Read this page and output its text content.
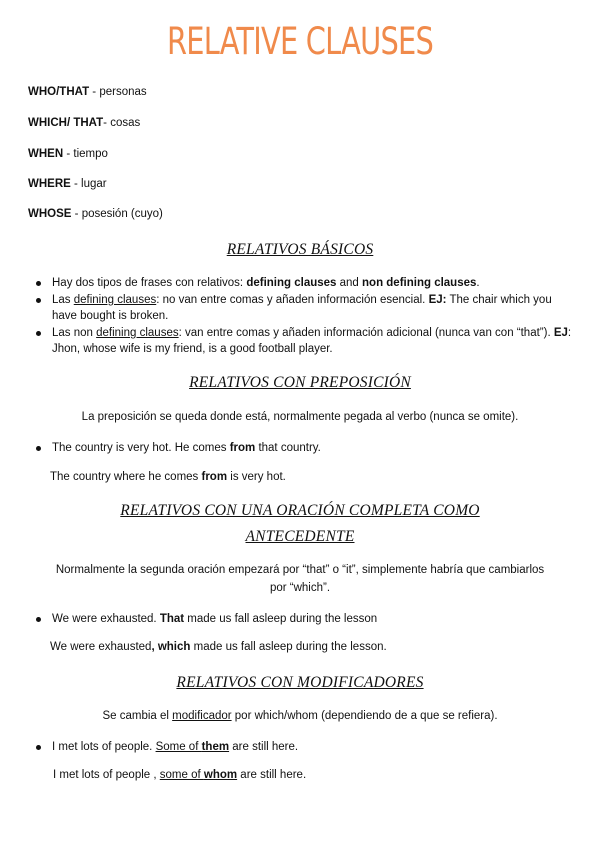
RELATIVE CLAUSES
WHO/THAT - personas
WHICH/ THAT- cosas
WHEN - tiempo
WHERE - lugar
WHOSE - posesión (cuyo)
RELATIVOS BÁSICOS
Hay dos tipos de frases con relativos: defining clauses and non defining clauses.
Las defining clauses: no van entre comas y añaden información esencial. EJ: The chair which you have bought is broken.
Las non defining clauses: van entre comas y añaden información adicional (nunca van con “that”). EJ: Jhon, whose wife is my friend, is a good football player.
RELATIVOS CON PREPOSICIÓN
La preposición se queda donde está, normalmente pegada al verbo (nunca se omite).
The country is very hot. He comes from that country.
The country where he comes from is very hot.
RELATIVOS CON UNA ORACIÓN COMPLETA COMO
ANTECEDENTE
Normalmente la segunda oración empezará por “that” o “it”, simplemente habría que cambiarlos
por “which”.
We were exhausted. That made us fall asleep during the lesson
We were exhausted, which made us fall asleep during the lesson.
RELATIVOS CON MODIFICADORES
Se cambia el modificador por which/whom (dependiendo de a que se refiera).
I met lots of people. Some of them are still here.
I met lots of people , some of whom are still here.
